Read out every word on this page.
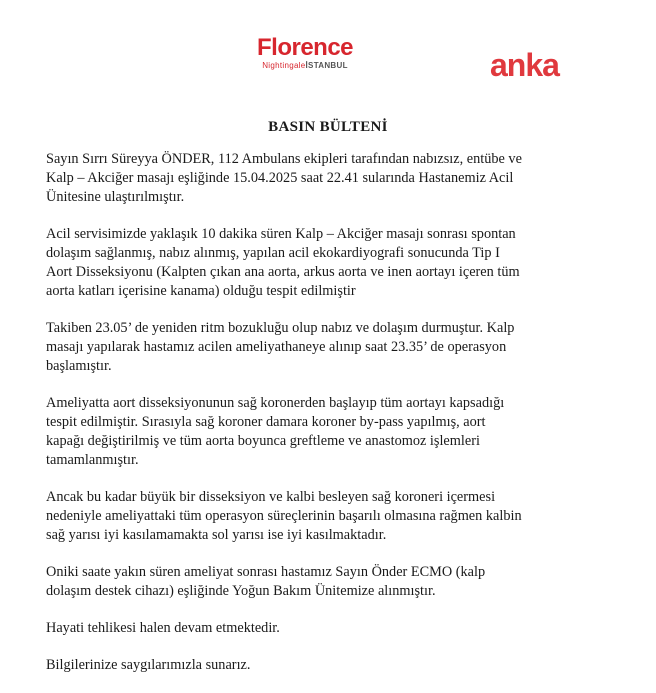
Florence
NightingaleİSTANBUL	anka
BASIN BÜLTENİ

Sayın Sırrı Süreyya ÖNDER, 112 Ambulans ekipleri tarafından nabızsız, entübe ve
Kalp – Akciğer masajı eşliğinde 15.04.2025 saat 22.41 sularında Hastanemiz Acil
Ünitesine ulaştırılmıştır.

Acil servisimizde yaklaşık 10 dakika süren Kalp – Akciğer masajı sonrası spontan
dolaşım sağlanmış, nabız alınmış, yapılan acil ekokardiyografi sonucunda Tip I
Aort Disseksiyonu (Kalpten çıkan ana aorta, arkus aorta ve inen aortayı içeren tüm
aorta katları içerisine kanama) olduğu tespit edilmiştir

Takiben 23.05’ de yeniden ritm bozukluğu olup nabız ve dolaşım durmuştur. Kalp
masajı yapılarak hastamız acilen ameliyathaneye alınıp saat 23.35’ de operasyon
başlamıştır.

Ameliyatta aort disseksiyonunun sağ koronerden başlayıp tüm aortayı kapsadığı
tespit edilmiştir. Sırasıyla sağ koroner damara koroner by-pass yapılmış, aort
kapağı değiştirilmiş ve tüm aorta boyunca greftleme ve anastomoz işlemleri
tamamlanmıştır.

Ancak bu kadar büyük bir disseksiyon ve kalbi besleyen sağ koroneri içermesi
nedeniyle ameliyattaki tüm operasyon süreçlerinin başarılı olmasına rağmen kalbin
sağ yarısı iyi kasılamamakta sol yarısı ise iyi kasılmaktadır.

Oniki saate yakın süren ameliyat sonrası hastamız Sayın Önder ECMO (kalp
dolaşım destek cihazı) eşliğinde Yoğun Bakım Ünitemize alınmıştır.

Hayati tehlikesi halen devam etmektedir.

Bilgilerinize saygılarımızla sunarız.
